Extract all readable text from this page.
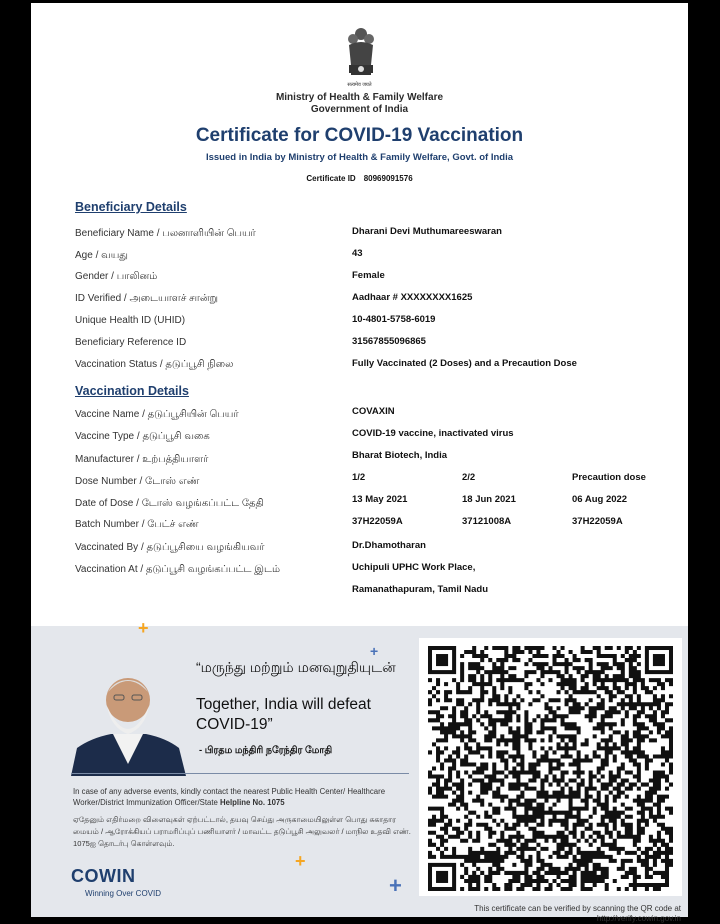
सत्यमेव जयते
Ministry of Health & Family Welfare
Government of India
Certificate for COVID-19 Vaccination
Issued in India by Ministry of Health & Family Welfare, Govt. of India
Certificate ID 80969091576
Beneficiary Details
Beneficiary Name / பலனாளியின் பெயர்	Dharani Devi Muthumareeswaran
Age / வயது	43
Gender / பாலினம்	Female
ID Verified / அடையாளச் சான்று	Aadhaar # XXXXXXXX1625
Unique Health ID (UHID)	10-4801-5758-6019
Beneficiary Reference ID	31567855096865
Vaccination Status / தடுப்பூசி நிலை	Fully Vaccinated (2 Doses) and a Precaution Dose
Vaccination Details
Vaccine Name / தடுப்பூசியின் பெயர்	COVAXIN
Vaccine Type / தடுப்பூசி வகை	COVID-19 vaccine, inactivated virus
Manufacturer / உற்பத்தியாளர்	Bharat Biotech, India
Dose Number / டோஸ் எண்	1/2	2/2	Precaution dose
Date of Dose / டோஸ் வழங்கப்பட்ட தேதி	13 May 2021	18 Jun 2021	06 Aug 2022
Batch Number / பேட்ச் எண்	37H22059A	37121008A	37H22059A
Vaccinated By / தடுப்பூசியை வழங்கியவர்	Dr.Dhamotharan
Vaccination At / தடுப்பூசி வழங்கப்பட்ட இடம்	Uchipuli UPHC Work Place,
Ramanathapuram, Tamil Nadu
+
+
+
+
“மருந்து மற்றும் மனவுறுதியுடன்
Together, India will defeat COVID-19”
- பிரதம மந்திரி நரேந்திர மோதி
In case of any adverse events, kindly contact the nearest Public Health Center/ Healthcare Worker/District Immunization Officer/State Helpline No. 1075
ஏதேனும் எதிர்மறை விளைவுகள் ஏற்பட்டால், தயவு செய்து அருகாமையிலுள்ள பொது சுகாதார மையம் / ஆரோக்கியப் பராமரிப்புப் பணியாளர் / மாவட்ட தடுப்பூசி அலுவலர் / மாநில உதவி எண். 1075ஐ தொடர்பு கொள்ளவும்.
COWIN
Winning Over COVID
This certificate can be verified by scanning the QR code at http://verify.cowin.gov.in
